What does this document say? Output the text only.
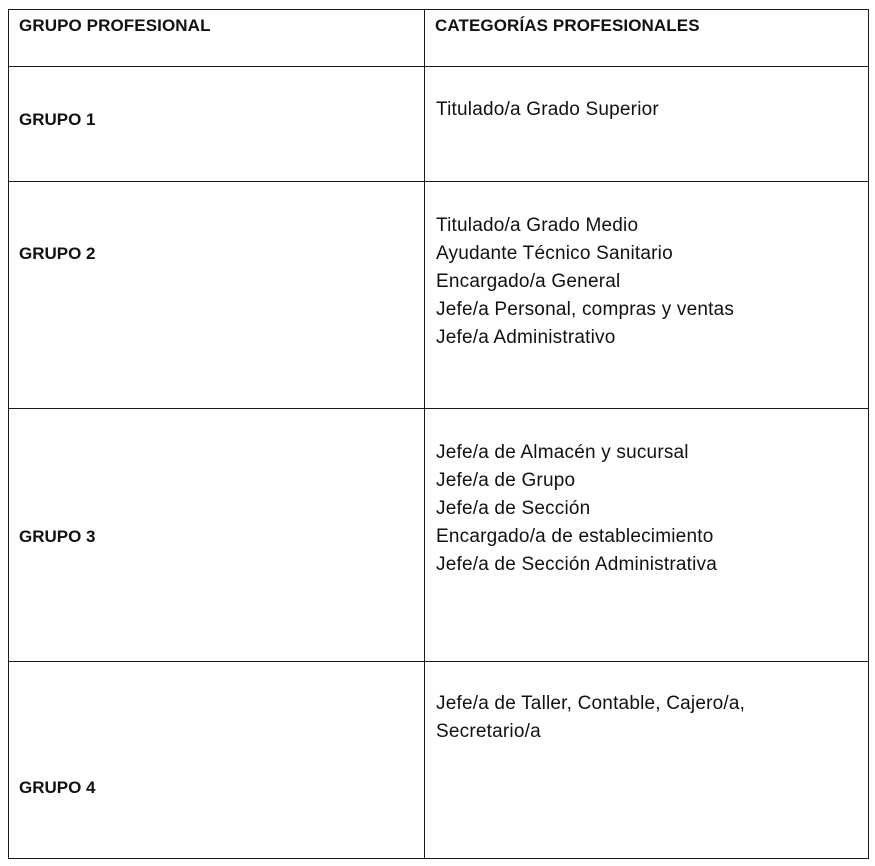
GRUPO PROFESIONAL	CATEGORÍAS PROFESIONALES

GRUPO 1	Titulado/a Grado Superior

GRUPO 2	Titulado/a Grado Medio
Ayudante Técnico Sanitario
Encargado/a General
Jefe/a Personal, compras y ventas
Jefe/a Administrativo

GRUPO 3	Jefe/a de Almacén y sucursal
Jefe/a de Grupo
Jefe/a de Sección
Encargado/a de establecimiento
Jefe/a de Sección Administrativa

GRUPO 4	Jefe/a de Taller, Contable, Cajero/a,
Secretario/a
